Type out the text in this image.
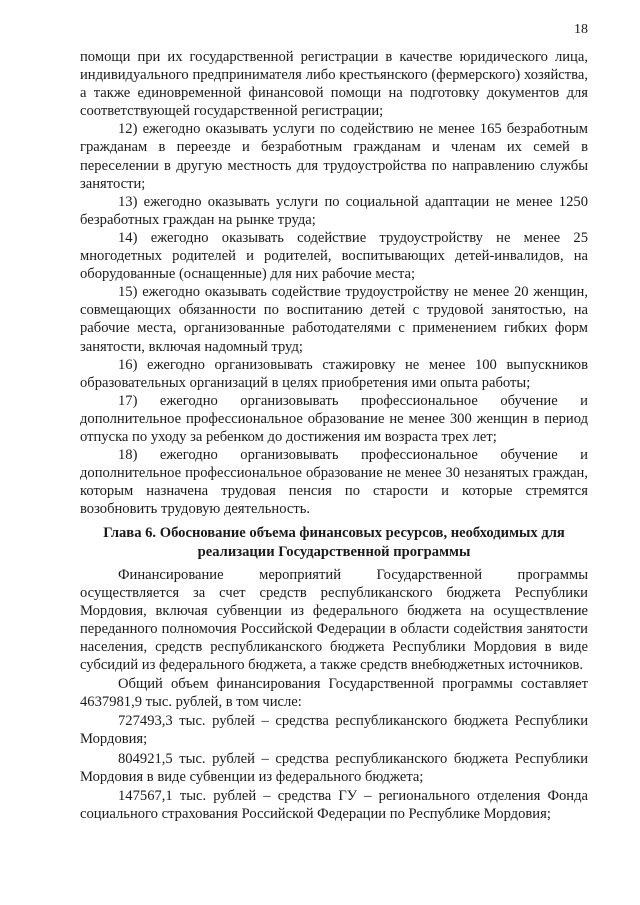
18

помощи при их государственной регистрации в качестве юридического лица, индивидуального предпринимателя либо крестьянского (фермерского) хозяйства, а также единовременной финансовой помощи на подготовку документов для соответствующей государственной регистрации;

12) ежегодно оказывать услуги по содействию не менее 165 безработным гражданам в переезде и безработным гражданам и членам их семей в переселении в другую местность для трудоустройства по направлению службы занятости;

13) ежегодно оказывать услуги по социальной адаптации не менее 1250 безработных граждан на рынке труда;

14) ежегодно оказывать содействие трудоустройству не менее 25 многодетных родителей и родителей, воспитывающих детей-инвалидов, на оборудованные (оснащенные) для них рабочие места;

15) ежегодно оказывать содействие трудоустройству не менее 20 женщин, совмещающих обязанности по воспитанию детей с трудовой занятостью, на рабочие места, организованные работодателями с применением гибких форм занятости, включая надомный труд;

16) ежегодно организовывать стажировку не менее 100 выпускников образовательных организаций в целях приобретения ими опыта работы;

17) ежегодно организовывать профессиональное обучение и дополнительное профессиональное образование не менее 300 женщин в период отпуска по уходу за ребенком до достижения им возраста трех лет;

18) ежегодно организовывать профессиональное обучение и дополнительное профессиональное образование не менее 30 незанятых граждан, которым назначена трудовая пенсия по старости и которые стремятся возобновить трудовую деятельность.

Глава 6. Обоснование объема финансовых ресурсов, необходимых для реализации Государственной программы

Финансирование мероприятий Государственной программы осуществляется за счет средств республиканского бюджета Республики Мордовия, включая субвенции из федерального бюджета на осуществление переданного полномочия Российской Федерации в области содействия занятости населения, средств республиканского бюджета Республики Мордовия в виде субсидий из федерального бюджета, а также средств внебюджетных источников.

Общий объем финансирования Государственной программы составляет 4637981,9 тыс. рублей, в том числе:

727493,3 тыс. рублей – средства республиканского бюджета Республики Мордовия;

804921,5 тыс. рублей – средства республиканского бюджета Республики Мордовия в виде субвенции из федерального бюджета;

147567,1 тыс. рублей – средства ГУ – регионального отделения Фонда социального страхования Российской Федерации по Республике Мордовия;
